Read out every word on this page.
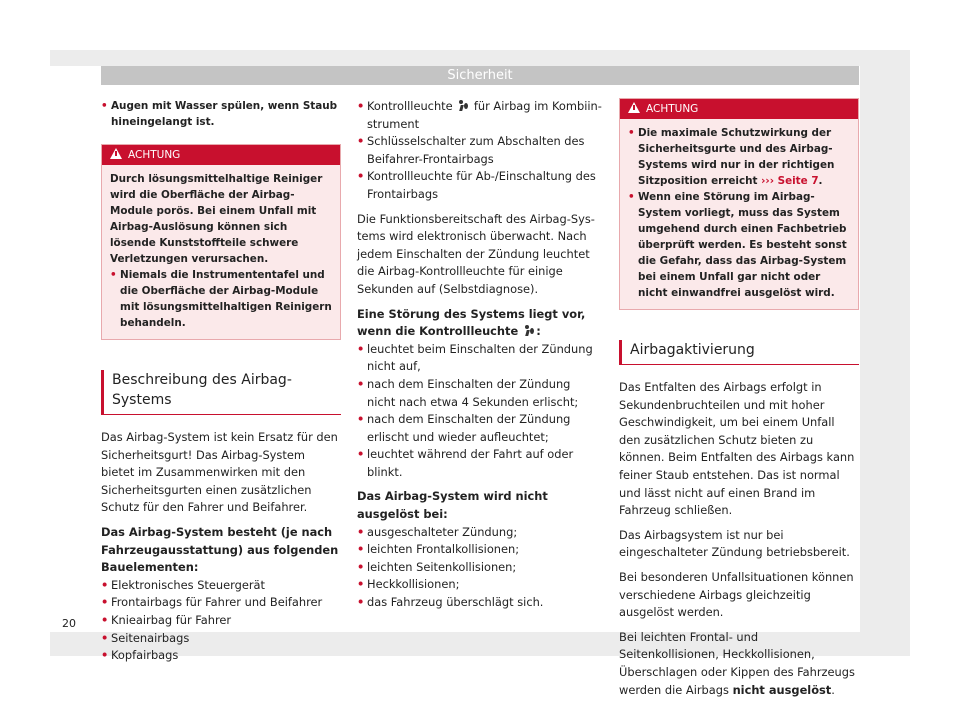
Sicherheit
• Augen mit Wasser spülen, wenn Staub hineingelangt ist.
ACHTUNG

Durch lösungsmittelhaltige Reiniger wird die Oberfläche der Airbag-Module porös. Bei einem Unfall mit Airbag-Auslösung können sich lösende Kunststoffteile schwere Verletzungen verursachen.

• Niemals die Instrumententafel und die Oberfläche der Airbag-Module mit lösungsmittelhaltigen Reinigern behandeln.
Beschreibung des Airbag-Systems

Das Airbag-System ist kein Ersatz für den Sicherheitsgurt! Das Airbag-System bietet im Zusammenwirken mit den Sicherheitsgurten einen zusätzlichen Schutz für den Fahrer und Beifahrer.

Das Airbag-System besteht (je nach Fahrzeugausstattung) aus folgenden Bauelementen:

• Elektronisches Steuergerät
• Frontairbags für Fahrer und Beifahrer
• Knieairbag für Fahrer
• Seitenairbags
• Kopfairbags
• Kontrollleuchte für Airbag im Kombiinstrument
• Schlüsselschalter zum Abschalten des Beifahrer-Frontairbags
• Kontrollleuchte für Ab-/Einschaltung des Frontairbags

Die Funktionsbereitschaft des Airbag-Systems wird elektronisch überwacht. Nach jedem Einschalten der Zündung leuchtet die Airbag-Kontrollleuchte für einige Sekunden auf (Selbstdiagnose).

Eine Störung des Systems liegt vor, wenn die Kontrollleuchte :

• leuchtet beim Einschalten der Zündung nicht auf,
• nach dem Einschalten der Zündung nicht nach etwa 4 Sekunden erlischt;
• nach dem Einschalten der Zündung erlischt und wieder aufleuchtet;
• leuchtet während der Fahrt auf oder blinkt.

Das Airbag-System wird nicht ausgelöst bei:

• ausgeschalteter Zündung;
• leichten Frontalkollisionen;
• leichten Seitenkollisionen;
• Heckkollisionen;
• das Fahrzeug überschlägt sich.
ACHTUNG
• Die maximale Schutzwirkung der Sicherheitsgurte und des Airbag-Systems wird nur in der richtigen Sitzposition erreicht ››› Seite 7.
• Wenn eine Störung im Airbag-System vorliegt, muss das System umgehend durch einen Fachbetrieb überprüft werden. Es besteht sonst die Gefahr, dass das Airbag-System bei einem Unfall gar nicht oder nicht einwandfrei ausgelöst wird.
Airbagaktivierung

Das Entfalten des Airbags erfolgt in Sekundenbruchteilen und mit hoher Geschwindigkeit, um bei einem Unfall den zusätzlichen Schutz bieten zu können. Beim Entfalten des Airbags kann feiner Staub entstehen. Das ist normal und lässt nicht auf einen Brand im Fahrzeug schließen.

Das Airbagsystem ist nur bei eingeschalteter Zündung betriebsbereit.

Bei besonderen Unfallsituationen können verschiedene Airbags gleichzeitig ausgelöst werden.

Bei leichten Frontal- und Seitenkollisionen, Heckkollisionen, Überschlagen oder Kippen des Fahrzeugs werden die Airbags nicht ausgelöst.

20
